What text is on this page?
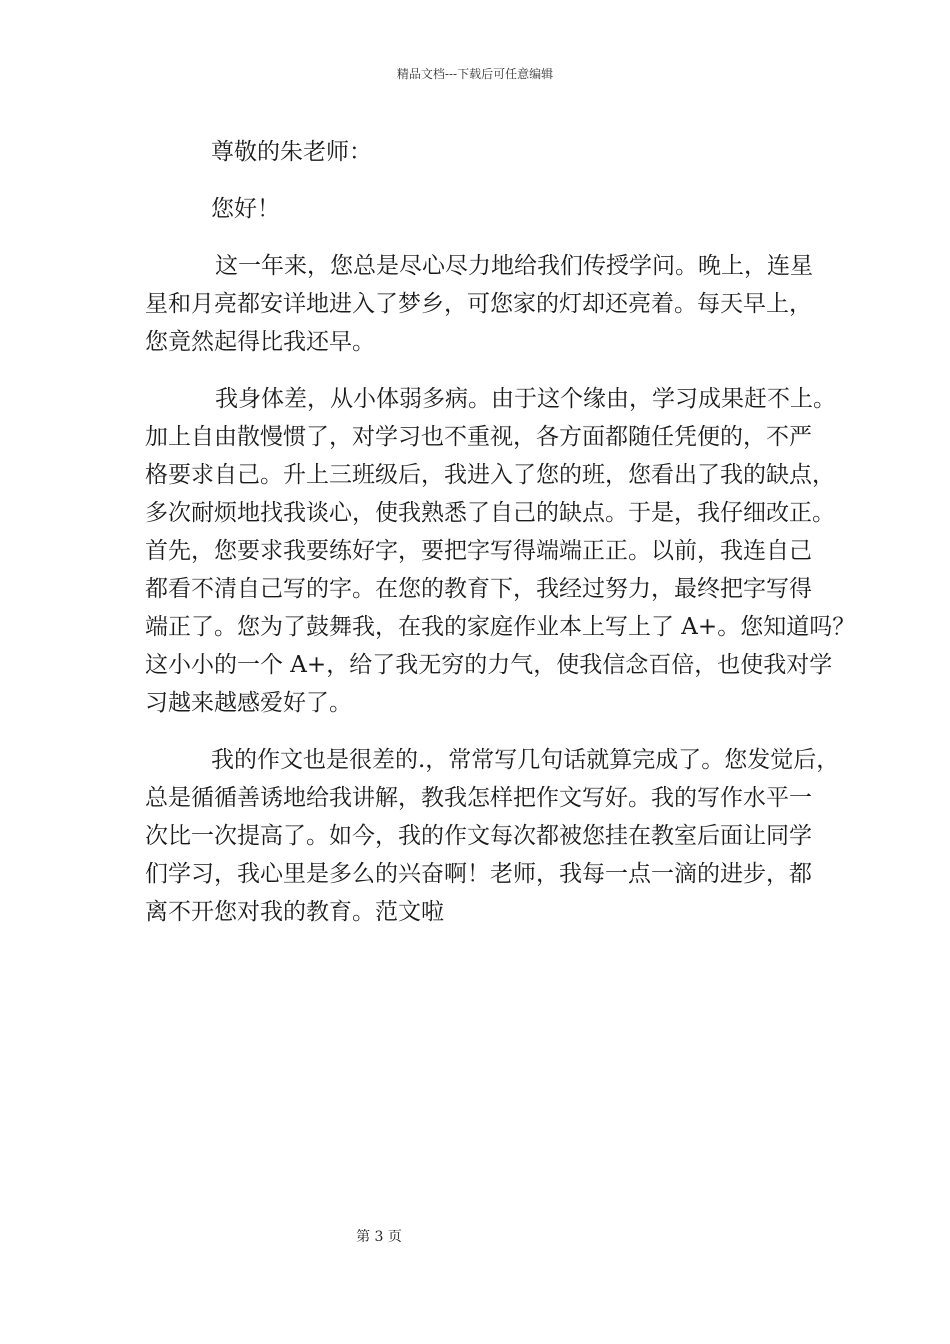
精品文档---下载后可任意编辑
尊敬的朱老师：
您好！
这一年来，您总是尽心尽力地给我们传授学问。晚上，连星
星和月亮都安详地进入了梦乡，可您家的灯却还亮着。每天早上，
您竟然起得比我还早。
我身体差，从小体弱多病。由于这个缘由，学习成果赶不上。
加上自由散慢惯了，对学习也不重视，各方面都随任凭便的，不严
格要求自己。升上三班级后，我进入了您的班，您看出了我的缺点，
多次耐烦地找我谈心，使我熟悉了自己的缺点。于是，我仔细改正。
首先，您要求我要练好字，要把字写得端端正正。以前，我连自己
都看不清自己写的字。在您的教育下，我经过努力，最终把字写得
端正了。您为了鼓舞我，在我的家庭作业本上写上了 A+。您知道吗？
这小小的一个 A+，给了我无穷的力气，使我信念百倍，也使我对学
习越来越感爱好了。
我的作文也是很差的.，常常写几句话就算完成了。您发觉后，
总是循循善诱地给我讲解，教我怎样把作文写好。我的写作水平一
次比一次提高了。如今，我的作文每次都被您挂在教室后面让同学
们学习，我心里是多么的兴奋啊！老师，我每一点一滴的进步，都
离不开您对我的教育。范文啦
第 3 页
